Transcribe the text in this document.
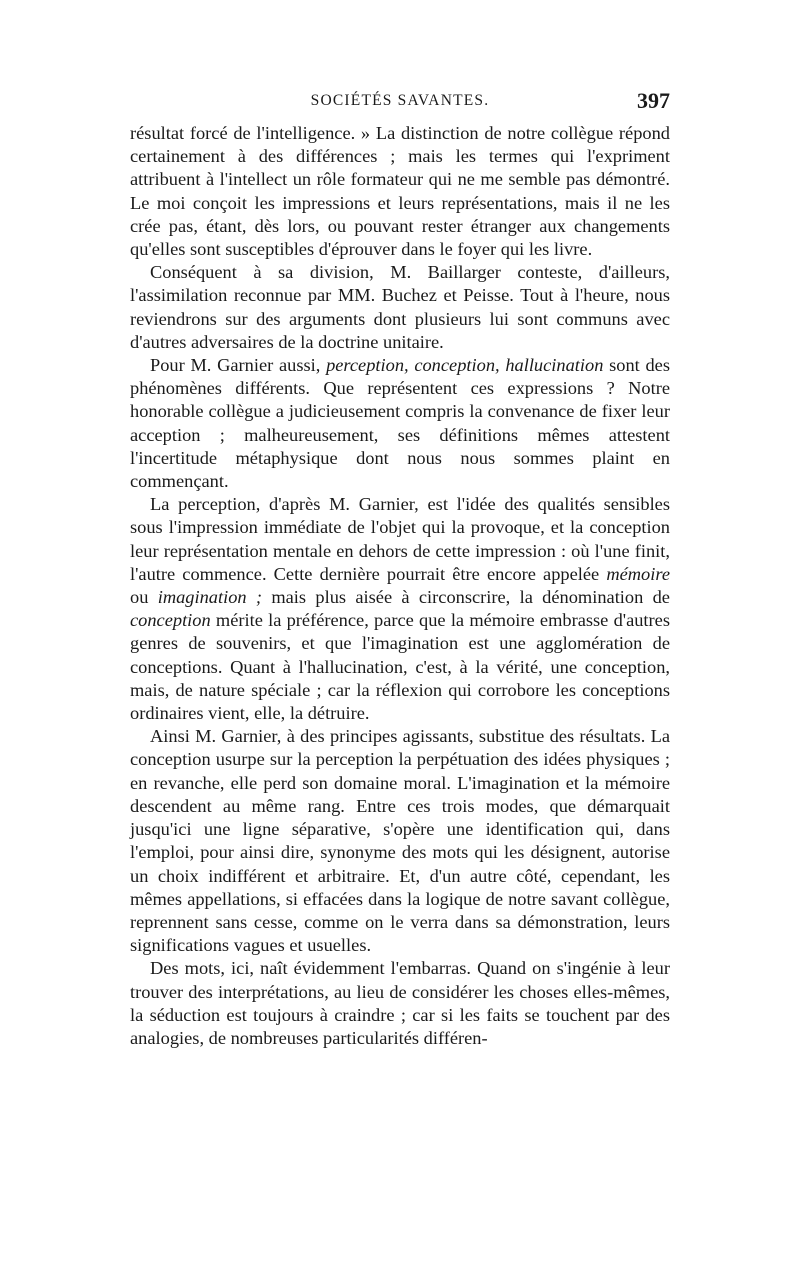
SOCIÉTÉS SAVANTES.	397

résultat forcé de l'intelligence. » La distinction de notre collègue répond certainement à des différences ; mais les termes qui l'expriment attribuent à l'intellect un rôle formateur qui ne me semble pas démontré. Le moi conçoit les impressions et leurs représentations, mais il ne les crée pas, étant, dès lors, ou pouvant rester étranger aux changements qu'elles sont susceptibles d'éprouver dans le foyer qui les livre.

Conséquent à sa division, M. Baillarger conteste, d'ailleurs, l'assimilation reconnue par MM. Buchez et Peisse. Tout à l'heure, nous reviendrons sur des arguments dont plusieurs lui sont communs avec d'autres adversaires de la doctrine unitaire.

Pour M. Garnier aussi, perception, conception, hallucination sont des phénomènes différents. Que représentent ces expressions ? Notre honorable collègue a judicieusement compris la convenance de fixer leur acception ; malheureusement, ses définitions mêmes attestent l'incertitude métaphysique dont nous nous sommes plaint en commençant.

La perception, d'après M. Garnier, est l'idée des qualités sensibles sous l'impression immédiate de l'objet qui la provoque, et la conception leur représentation mentale en dehors de cette impression : où l'une finit, l'autre commence. Cette dernière pourrait être encore appelée mémoire ou imagination ; mais plus aisée à circonscrire, la dénomination de conception mérite la préférence, parce que la mémoire embrasse d'autres genres de souvenirs, et que l'imagination est une agglomération de conceptions. Quant à l'hallucination, c'est, à la vérité, une conception, mais, de nature spéciale ; car la réflexion qui corrobore les conceptions ordinaires vient, elle, la détruire.

Ainsi M. Garnier, à des principes agissants, substitue des résultats. La conception usurpe sur la perception la perpétuation des idées physiques ; en revanche, elle perd son domaine moral. L'imagination et la mémoire descendent au même rang. Entre ces trois modes, que démarquait jusqu'ici une ligne séparative, s'opère une identification qui, dans l'emploi, pour ainsi dire, synonyme des mots qui les désignent, autorise un choix indifférent et arbitraire. Et, d'un autre côté, cependant, les mêmes appellations, si effacées dans la logique de notre savant collègue, reprennent sans cesse, comme on le verra dans sa démonstration, leurs significations vagues et usuelles.

Des mots, ici, naît évidemment l'embarras. Quand on s'ingénie à leur trouver des interprétations, au lieu de considérer les choses elles-mêmes, la séduction est toujours à craindre ; car si les faits se touchent par des analogies, de nombreuses particularités différen-
